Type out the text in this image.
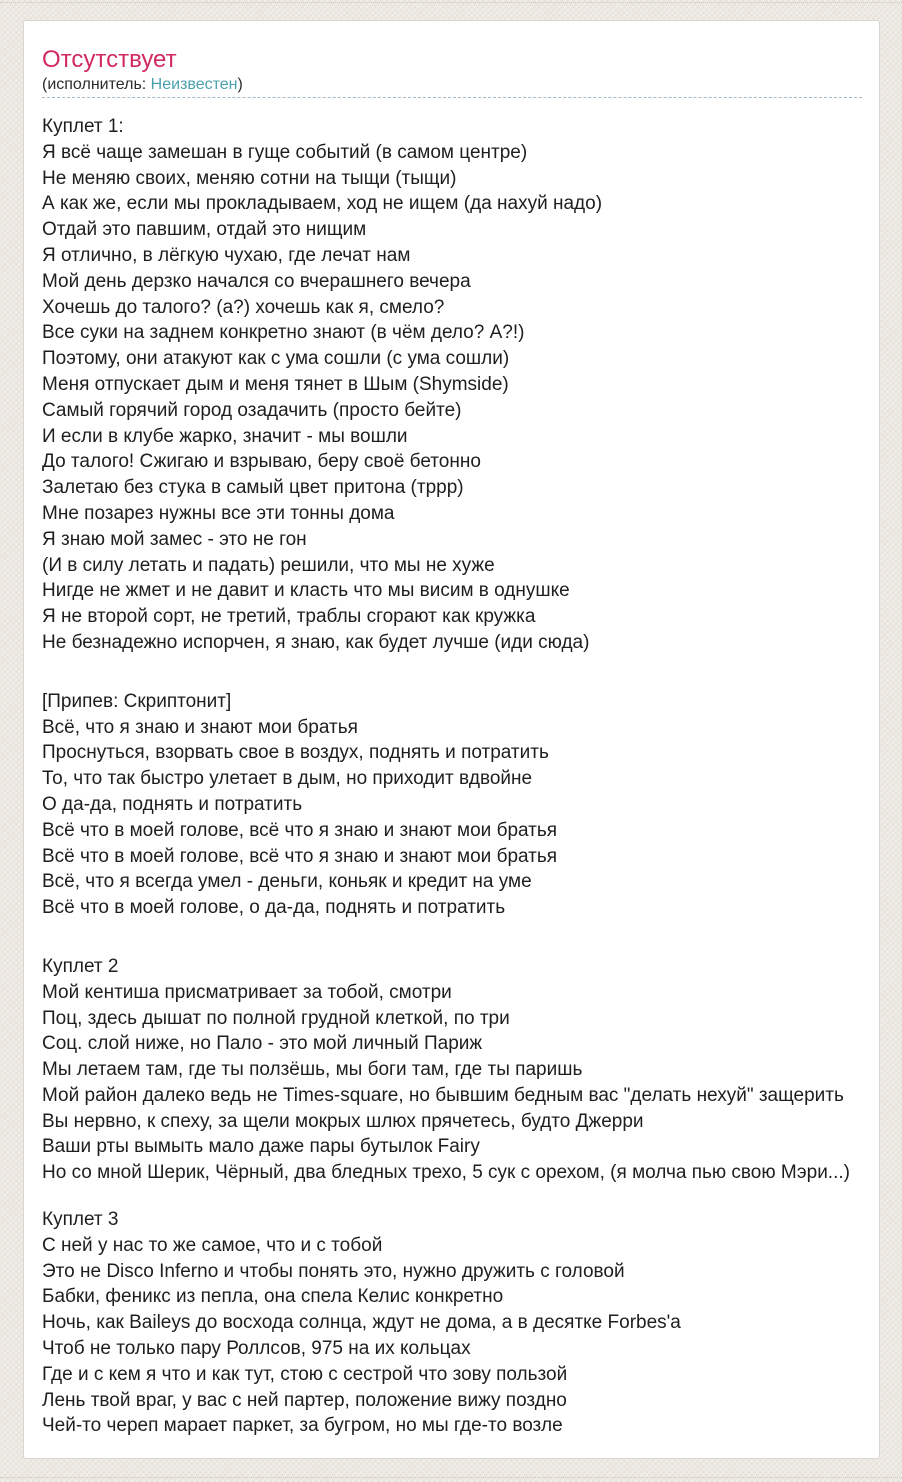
Отсутствует
(исполнитель: Неизвестен)
Куплет 1:
Я всё чаще замешан в гуще событий (в самом центре)
Не меняю своих, меняю сотни на тыщи (тыщи)
А как же, если мы прокладываем, ход не ищем (да нахуй надо)
Отдай это павшим, отдай это нищим
Я отлично, в лёгкую чухаю, где лечат нам
Мой день дерзко начался со вчерашнего вечера
Хочешь до талого? (а?) хочешь как я, смело?
Все суки на заднем конкретно знают (в чём дело? А?!)
Поэтому, они атакуют как с ума сошли (с ума сошли)
Меня отпускает дым и меня тянет в Шым (Shymside)
Самый горячий город озадачить (просто бейте)
И если в клубе жарко, значит - мы вошли
До талого! Сжигаю и взрываю, беру своё бетонно
Залетаю без стука в самый цвет притона (тррр)
Мне позарез нужны все эти тонны дома
Я знаю мой замес - это не гон
(И в силу летать и падать) решили, что мы не хуже
Нигде не жмет и не давит и класть что мы висим в однушке
Я не второй сорт, не третий, траблы сгорают как кружка
Не безнадежно испорчен, я знаю, как будет лучше (иди сюда)
[Припев: Скриптонит]
Всё, что я знаю и знают мои братья
Проснуться, взорвать свое в воздух, поднять и потратить
То, что так быстро улетает в дым, но приходит вдвойне
О да-да, поднять и потратить
Всё что в моей голове, всё что я знаю и знают мои братья
Всё что в моей голове, всё что я знаю и знают мои братья
Всё, что я всегда умел - деньги, коньяк и кредит на уме
Всё что в моей голове, о да-да, поднять и потратить
Куплет 2
Мой кентиша присматривает за тобой, смотри
Поц, здесь дышат по полной грудной клеткой, по три
Соц. слой ниже, но Пало - это мой личный Париж
Мы летаем там, где ты ползёшь, мы боги там, где ты паришь
Мой район далеко ведь не Times-square, но бывшим бедным вас "делать нехуй" защерить
Вы нервно, к спеху, за щели мокрых шлюх прячетесь, будто Джерри
Ваши рты вымыть мало даже пары бутылок Fairy
Но со мной Шерик, Чёрный, два бледных трехо, 5 сук с орехом, (я молча пью свою Мэри...)
Куплет 3
С ней у нас то же самое, что и с тобой
Это не Disco Inferno и чтобы понять это, нужно дружить с головой
Бабки, феникс из пепла, она спела Келис конкретно
Ночь, как Baileys до восхода солнца, ждут не дома, а в десятке Forbes'a
Чтоб не только пару Роллсов, 975 на их кольцах
Где и с кем я что и как тут, стою с сестрой что зову пользой
Лень твой враг, у вас с ней партер, положение вижу поздно
Чей-то череп марает паркет, за бугром, но мы где-то возле
